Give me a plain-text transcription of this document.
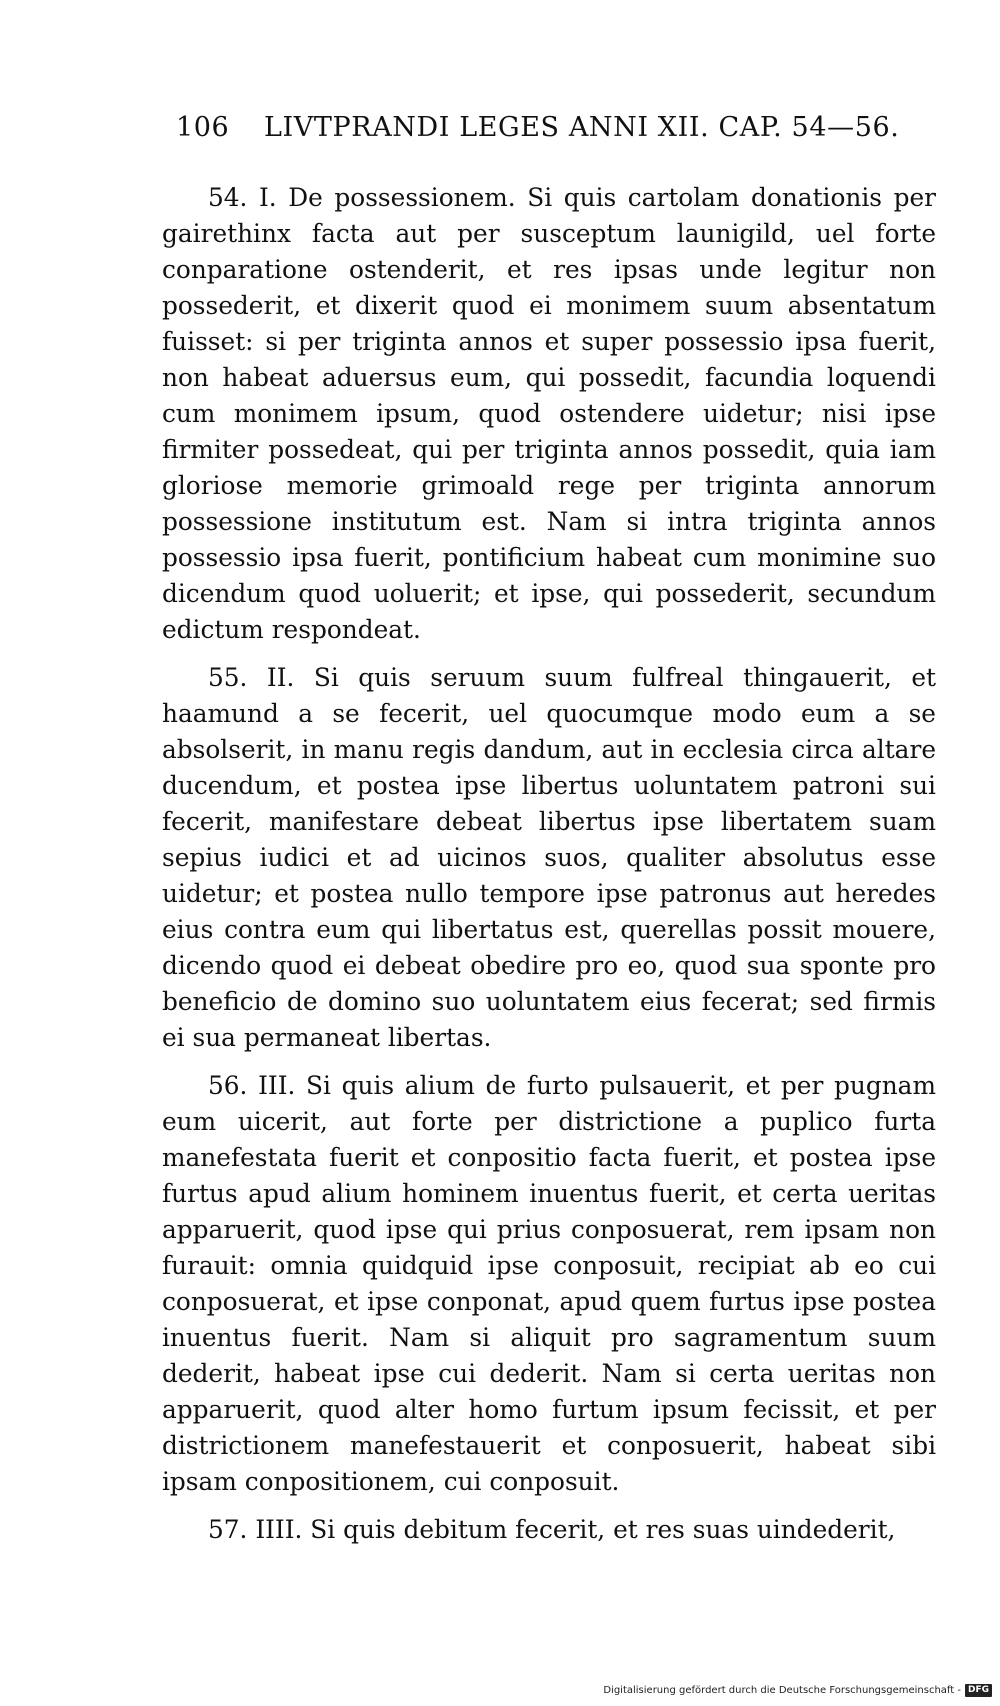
106 LIVTPRANDI LEGES ANNI XII. CAP. 54—56.

54. I. De possessionem. Si quis cartolam donationis per gairethinx facta aut per susceptum launigild, uel forte conparatione ostenderit, et res ipsas unde legitur non possederit, et dixerit quod ei monimem suum absentatum fuisset: si per triginta annos et super possessio ipsa fuerit, non habeat aduersus eum, qui possedit, facundia loquendi cum monimem ipsum, quod ostendere uidetur; nisi ipse firmiter possedeat, qui per triginta annos possedit, quia iam gloriose memorie grimoald rege per triginta annorum possessione institutum est. Nam si intra triginta annos possessio ipsa fuerit, pontificium habeat cum monimine suo dicendum quod uoluerit; et ipse, qui possederit, secundum edictum respondeat.

55. II. Si quis seruum suum fulfreal thingauerit, et haamund a se fecerit, uel quocumque modo eum a se absolserit, in manu regis dandum, aut in ecclesia circa altare ducendum, et postea ipse libertus uoluntatem patroni sui fecerit, manifestare debeat libertus ipse libertatem suam sepius iudici et ad uicinos suos, qualiter absolutus esse uidetur; et postea nullo tempore ipse patronus aut heredes eius contra eum qui libertatus est, querellas possit mouere, dicendo quod ei debeat obedire pro eo, quod sua sponte pro beneficio de domino suo uoluntatem eius fecerat; sed firmis ei sua permaneat libertas.

56. III. Si quis alium de furto pulsauerit, et per pugnam eum uicerit, aut forte per districtione a puplico furta manefestata fuerit et conpositio facta fuerit, et postea ipse furtus apud alium hominem inuentus fuerit, et certa ueritas apparuerit, quod ipse qui prius conposuerat, rem ipsam non furauit: omnia quidquid ipse conposuit, recipiat ab eo cui conposuerat, et ipse conponat, apud quem furtus ipse postea inuentus fuerit. Nam si aliquit pro sagramentum suum dederit, habeat ipse cui dederit. Nam si certa ueritas non apparuerit, quod alter homo furtum ipsum fecissit, et per districtionem manefestauerit et conposuerit, habeat sibi ipsam conpositionem, cui conposuit.

57. IIII. Si quis debitum fecerit, et res suas uindederit,

Digitalisierung gefördert durch die Deutsche Forschungsgemeinschaft - DFG
